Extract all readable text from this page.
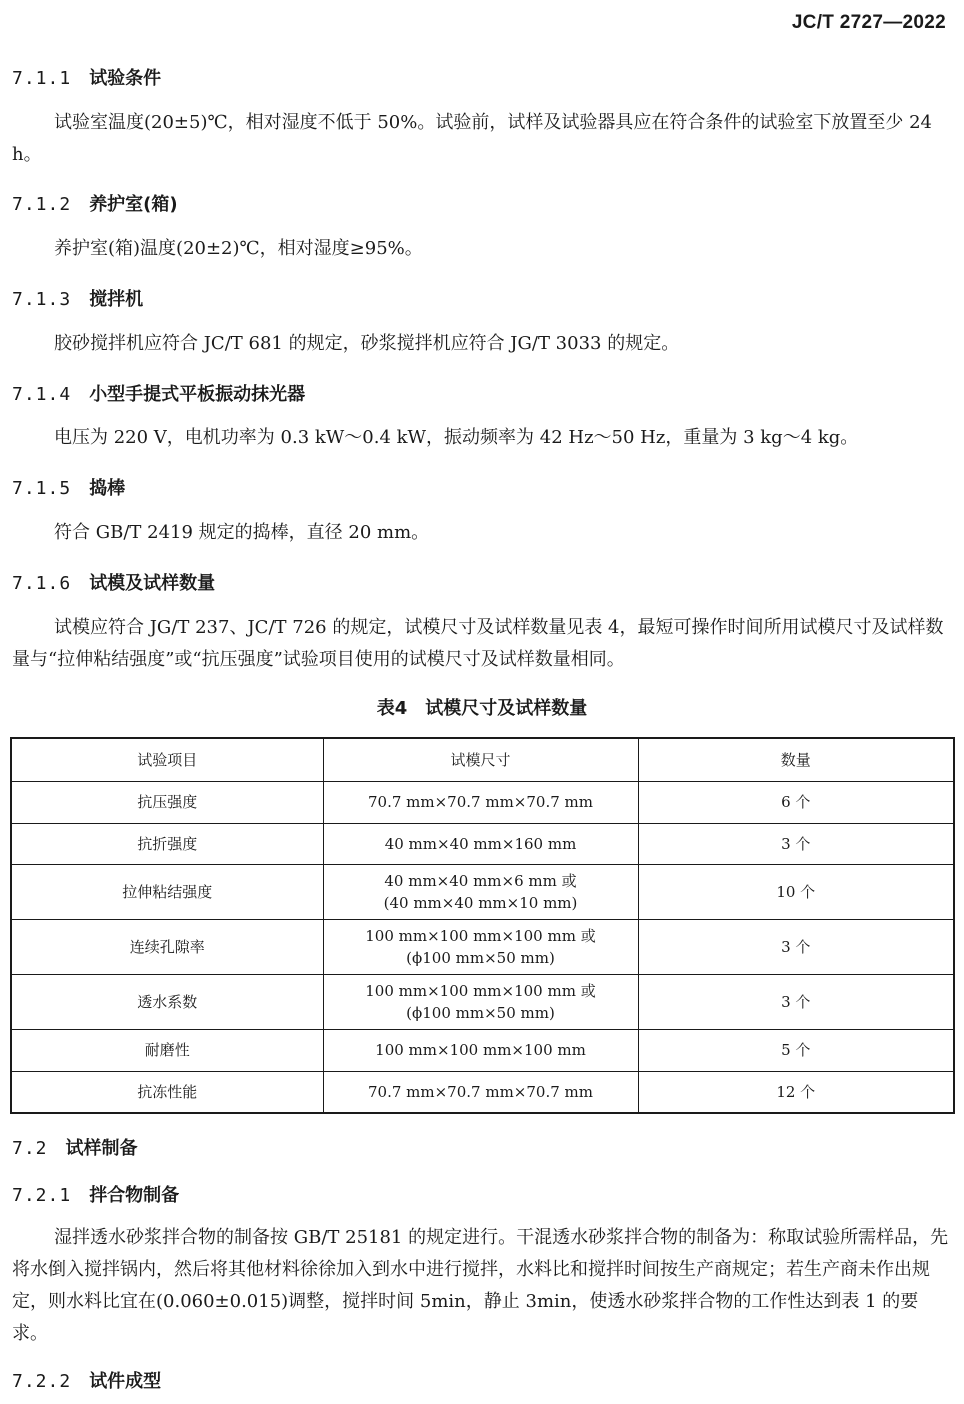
JC/T 2727—2022
7.1.1 试验条件
试验室温度(20±5)℃，相对湿度不低于 50%。试验前，试样及试验器具应在符合条件的试验室下放置至少 24 h。
7.1.2 养护室(箱)
养护室(箱)温度(20±2)℃，相对湿度≥95%。
7.1.3 搅拌机
胶砂搅拌机应符合 JC/T 681 的规定，砂浆搅拌机应符合 JG/T 3033 的规定。
7.1.4 小型手提式平板振动抹光器
电压为 220 V，电机功率为 0.3 kW～0.4 kW，振动频率为 42 Hz～50 Hz，重量为 3 kg～4 kg。
7.1.5 捣棒
符合 GB/T 2419 规定的捣棒，直径 20 mm。
7.1.6 试模及试样数量
试模应符合 JG/T 237、JC/T 726 的规定，试模尺寸及试样数量见表 4，最短可操作时间所用试模尺寸及试样数量与“拉伸粘结强度”或“抗压强度”试验项目使用的试模尺寸及试样数量相同。
表4　试模尺寸及试样数量
试验项目	试模尺寸	数量
抗压强度	70.7 mm×70.7 mm×70.7 mm	6 个
抗折强度	40 mm×40 mm×160 mm	3 个
拉伸粘结强度	40 mm×40 mm×6 mm 或
(40 mm×40 mm×10 mm)	10 个
连续孔隙率	100 mm×100 mm×100 mm 或
(ϕ100 mm×50 mm)	3 个
透水系数	100 mm×100 mm×100 mm 或
(ϕ100 mm×50 mm)	3 个
耐磨性	100 mm×100 mm×100 mm	5 个
抗冻性能	70.7 mm×70.7 mm×70.7 mm	12 个
7.2 试样制备
7.2.1 拌合物制备
湿拌透水砂浆拌合物的制备按 GB/T 25181 的规定进行。干混透水砂浆拌合物的制备为：称取试验所需样品，先将水倒入搅拌锅内，然后将其他材料徐徐加入到水中进行搅拌，水料比和搅拌时间按生产商规定；若生产商未作出规定，则水料比宜在(0.060±0.015)调整，搅拌时间 5min，静止 3min，使透水砂浆拌合物的工作性达到表 1 的要求。
7.2.2 试件成型
